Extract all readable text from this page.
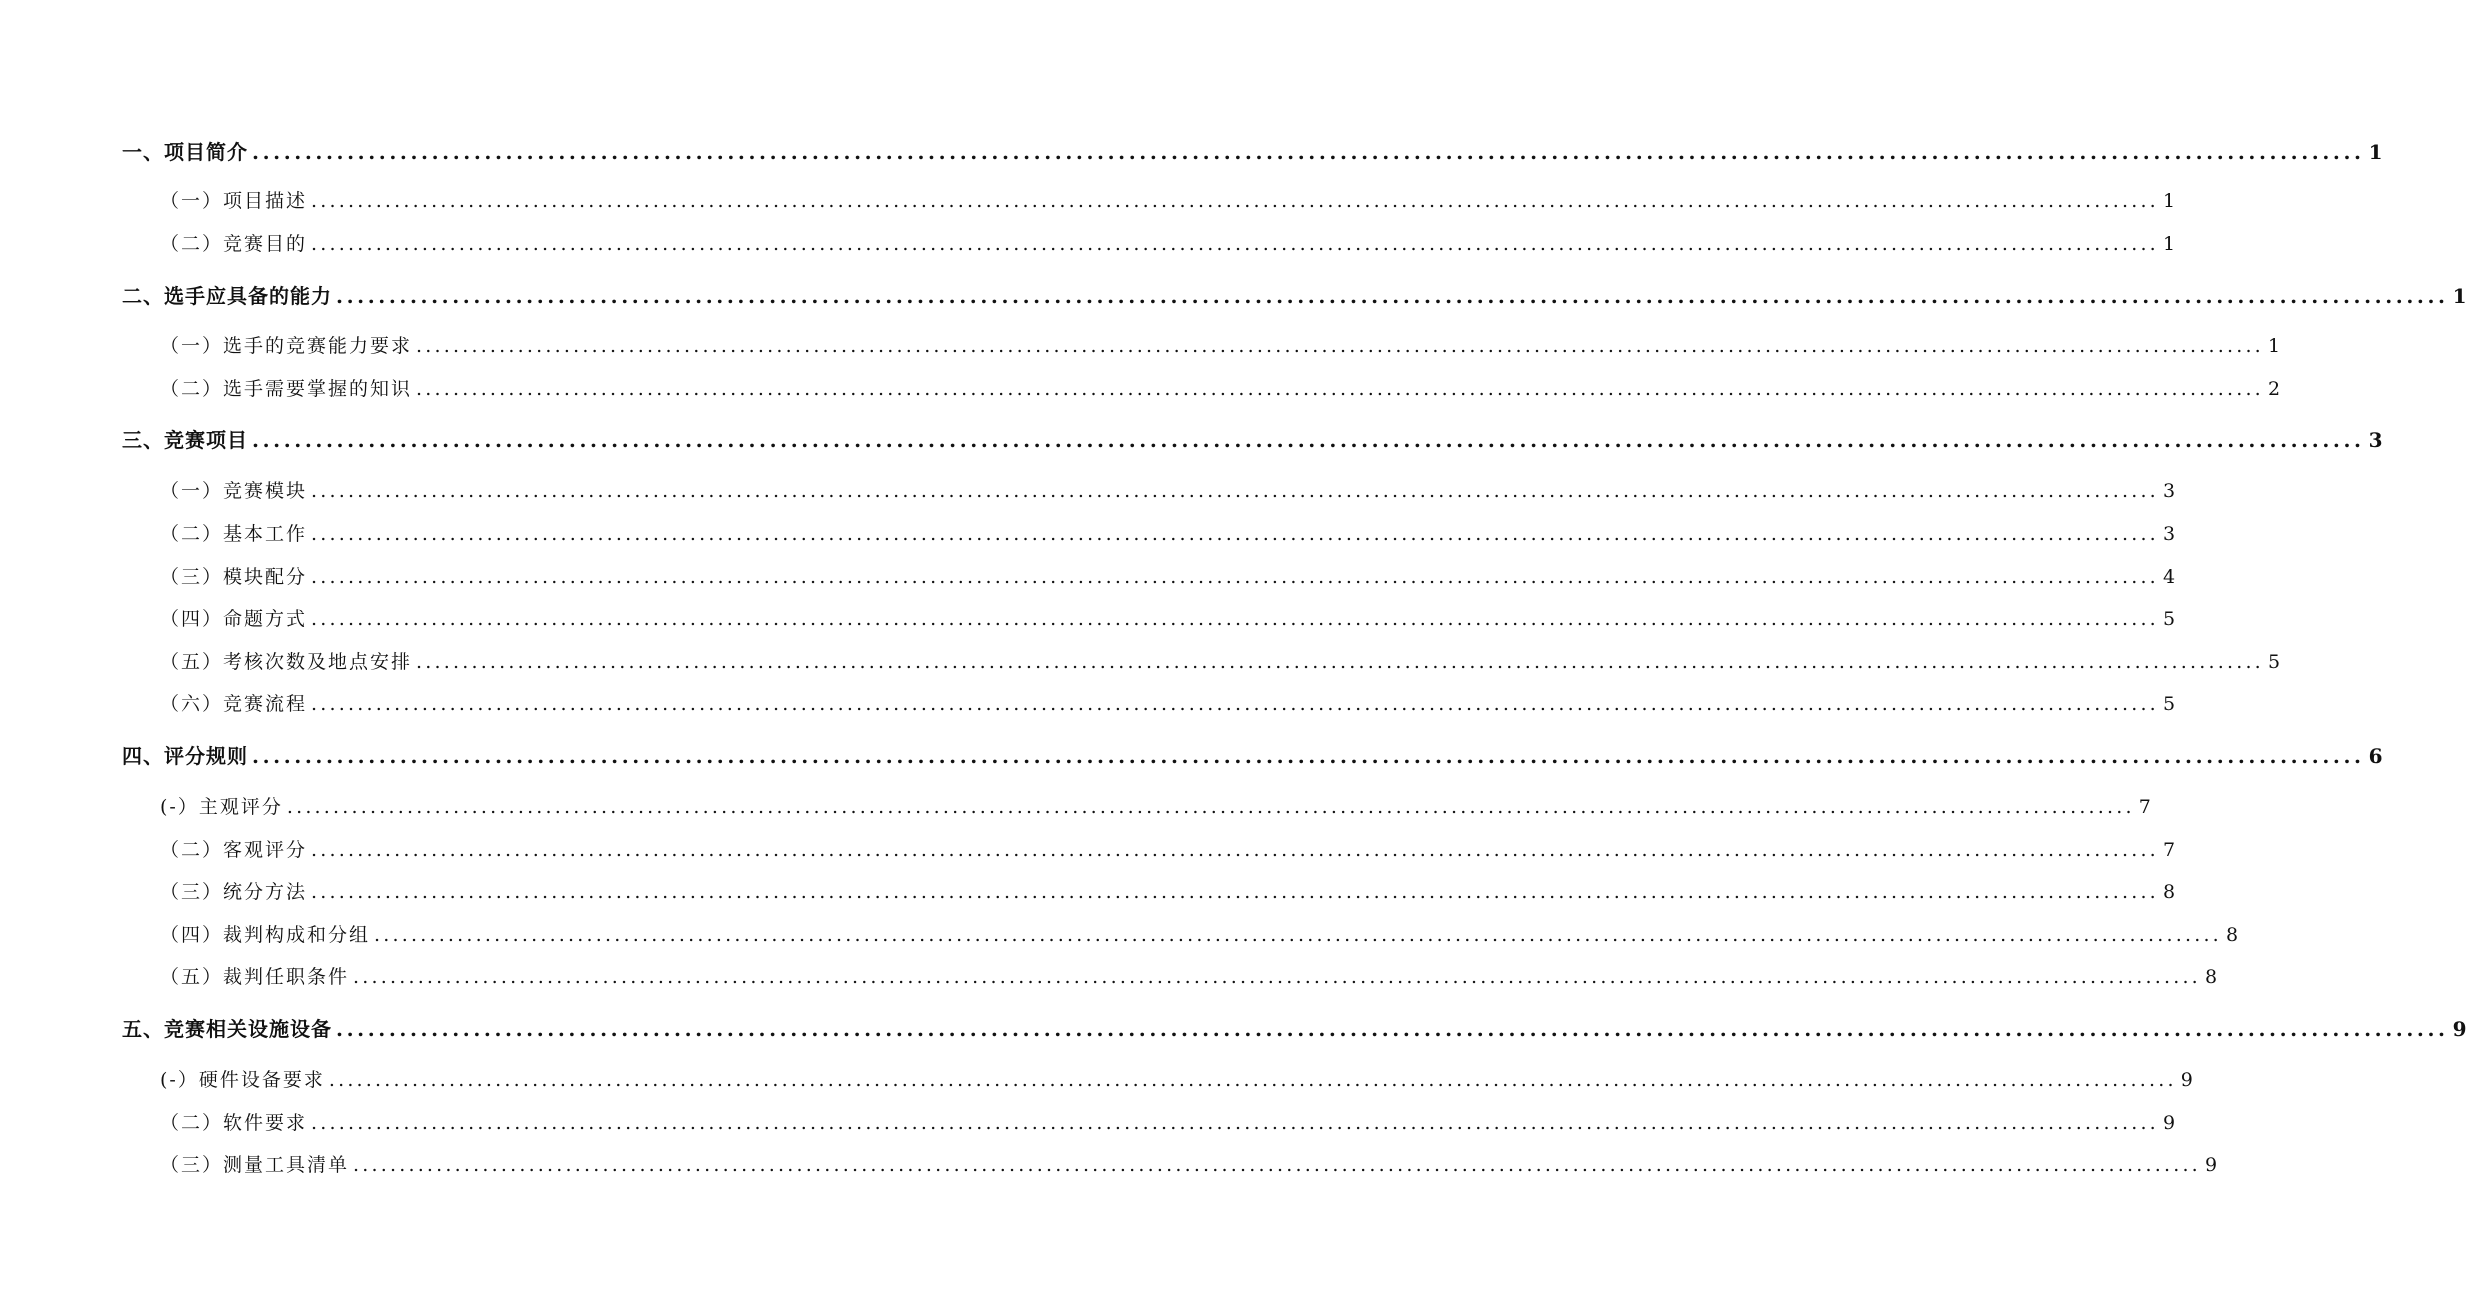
一、项目简介 ........................................................................................................................................................................................................ 1
（一）项目描述 ........................................................................................................................................................................................................ 1
（二）竞赛目的 ........................................................................................................................................................................................................ 1
二、选手应具备的能力 ........................................................................................................................................................................................................ 1
（一）选手的竞赛能力要求 ........................................................................................................................................................................................................ 1
（二）选手需要掌握的知识 ........................................................................................................................................................................................................ 2
三、竞赛项目 ........................................................................................................................................................................................................ 3
（一）竞赛模块 ........................................................................................................................................................................................................ 3
（二）基本工作 ........................................................................................................................................................................................................ 3
（三）模块配分 ........................................................................................................................................................................................................ 4
（四）命题方式 ........................................................................................................................................................................................................ 5
（五）考核次数及地点安排 ........................................................................................................................................................................................................ 5
（六）竞赛流程 ........................................................................................................................................................................................................ 5
四、评分规则 ........................................................................................................................................................................................................ 6
(-）主观评分 ........................................................................................................................................................................................................ 7
（二）客观评分 ........................................................................................................................................................................................................ 7
（三）统分方法 ........................................................................................................................................................................................................ 8
（四）裁判构成和分组 ........................................................................................................................................................................................................ 8
（五）裁判任职条件 ........................................................................................................................................................................................................ 8
五、竞赛相关设施设备 ........................................................................................................................................................................................................ 9
(-）硬件设备要求 ........................................................................................................................................................................................................ 9
（二）软件要求 ........................................................................................................................................................................................................ 9
（三）测量工具清单 ........................................................................................................................................................................................................ 9
